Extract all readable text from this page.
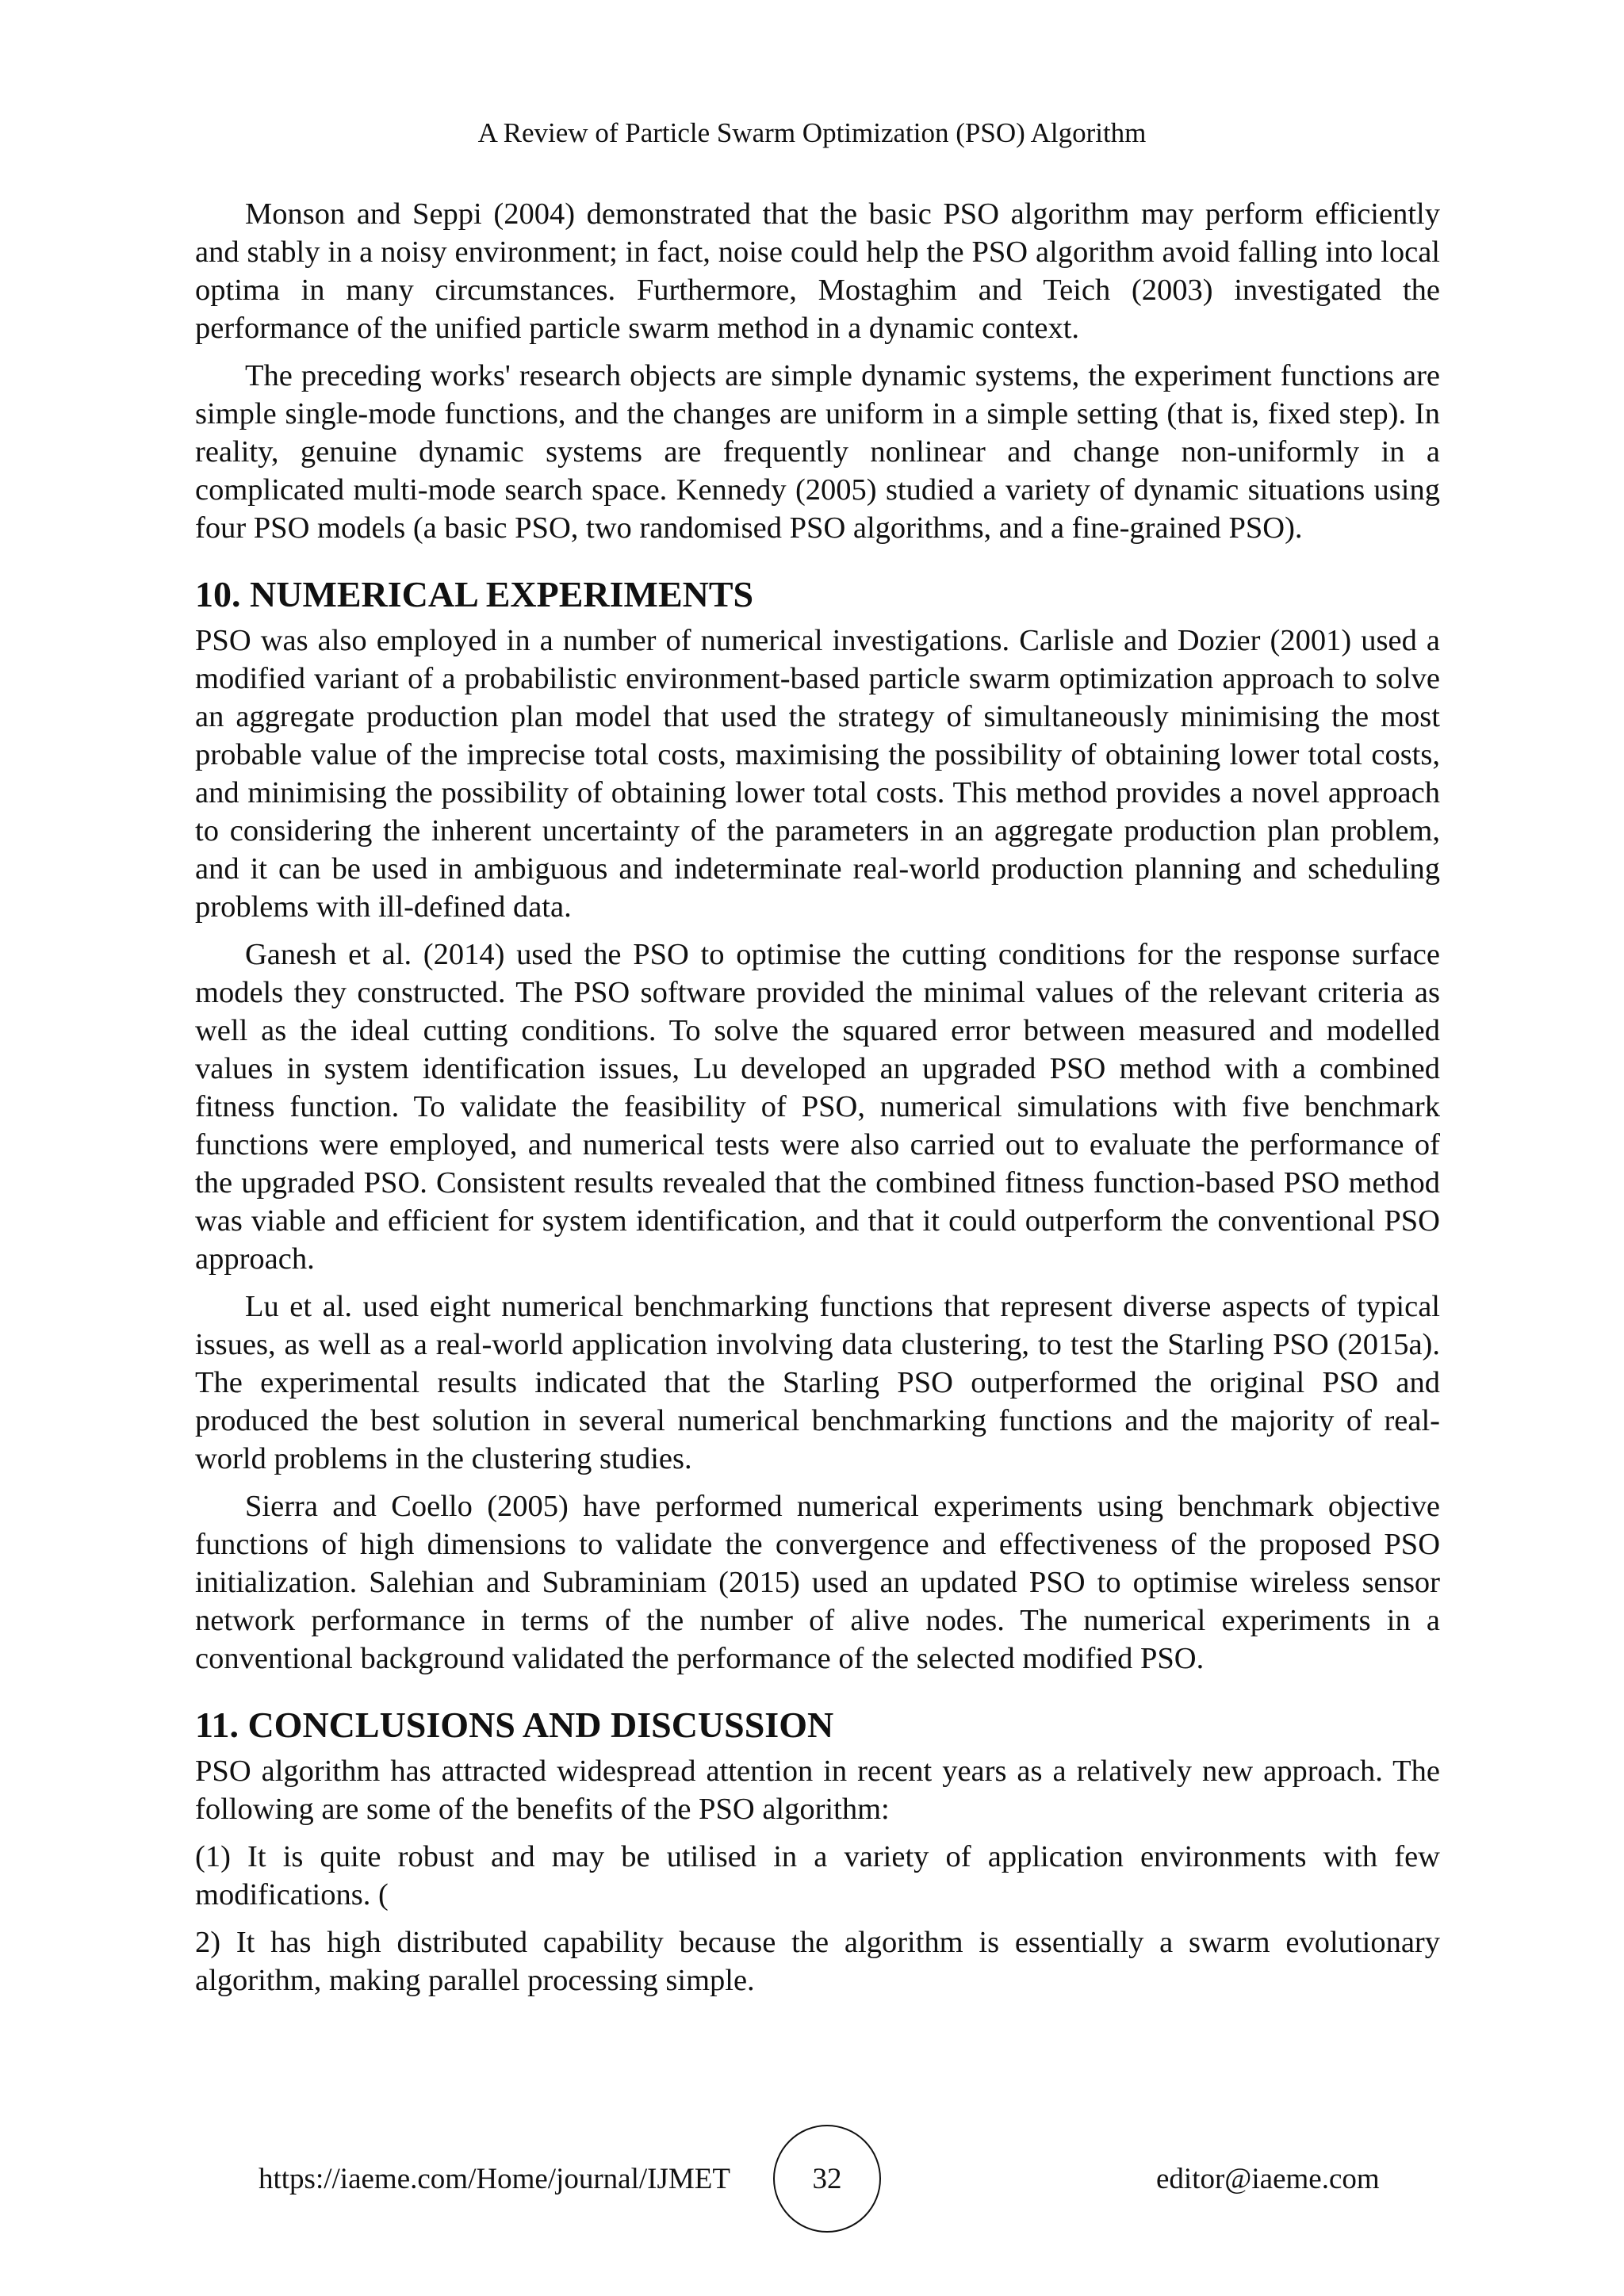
A Review of Particle Swarm Optimization (PSO) Algorithm

Monson and Seppi (2004) demonstrated that the basic PSO algorithm may perform efficiently and stably in a noisy environment; in fact, noise could help the PSO algorithm avoid falling into local optima in many circumstances. Furthermore, Mostaghim and Teich (2003) investigated the performance of the unified particle swarm method in a dynamic context.

The preceding works' research objects are simple dynamic systems, the experiment functions are simple single-mode functions, and the changes are uniform in a simple setting (that is, fixed step). In reality, genuine dynamic systems are frequently nonlinear and change non-uniformly in a complicated multi-mode search space. Kennedy (2005) studied a variety of dynamic situations using four PSO models (a basic PSO, two randomised PSO algorithms, and a fine-grained PSO).

10. NUMERICAL EXPERIMENTS

PSO was also employed in a number of numerical investigations. Carlisle and Dozier (2001) used a modified variant of a probabilistic environment-based particle swarm optimization approach to solve an aggregate production plan model that used the strategy of simultaneously minimising the most probable value of the imprecise total costs, maximising the possibility of obtaining lower total costs, and minimising the possibility of obtaining lower total costs. This method provides a novel approach to considering the inherent uncertainty of the parameters in an aggregate production plan problem, and it can be used in ambiguous and indeterminate real-world production planning and scheduling problems with ill-defined data.

Ganesh et al. (2014) used the PSO to optimise the cutting conditions for the response surface models they constructed. The PSO software provided the minimal values of the relevant criteria as well as the ideal cutting conditions. To solve the squared error between measured and modelled values in system identification issues, Lu developed an upgraded PSO method with a combined fitness function. To validate the feasibility of PSO, numerical simulations with five benchmark functions were employed, and numerical tests were also carried out to evaluate the performance of the upgraded PSO. Consistent results revealed that the combined fitness function-based PSO method was viable and efficient for system identification, and that it could outperform the conventional PSO approach.

Lu et al. used eight numerical benchmarking functions that represent diverse aspects of typical issues, as well as a real-world application involving data clustering, to test the Starling PSO (2015a). The experimental results indicated that the Starling PSO outperformed the original PSO and produced the best solution in several numerical benchmarking functions and the majority of real-world problems in the clustering studies.

Sierra and Coello (2005) have performed numerical experiments using benchmark objective functions of high dimensions to validate the convergence and effectiveness of the proposed PSO initialization. Salehian and Subraminiam (2015) used an updated PSO to optimise wireless sensor network performance in terms of the number of alive nodes. The numerical experiments in a conventional background validated the performance of the selected modified PSO.

11. CONCLUSIONS AND DISCUSSION

PSO algorithm has attracted widespread attention in recent years as a relatively new approach. The following are some of the benefits of the PSO algorithm:

(1) It is quite robust and may be utilised in a variety of application environments with few modifications. (

2) It has high distributed capability because the algorithm is essentially a swarm evolutionary algorithm, making parallel processing simple.

https://iaeme.com/Home/journal/IJMET	32	editor@iaeme.com
